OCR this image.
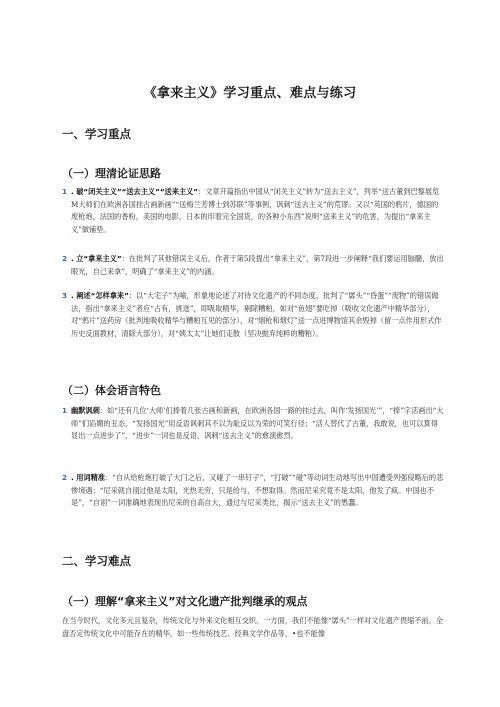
《拿来主义》学习重点、难点与练习
一、学习重点
（一）理清论证思路
1 . 破“闭关主义”“送去主义”“送来主义”：文章开篇指出中国从“闭关主义”转为“送去主义”，列举“送古董到巴黎展览M大师们在欧洲各国挂古画新画”“送梅兰芳博士到苏联”等事例，讽刺“送去主义”的荒谬。又以“英国的鸦片，德国的废枪炮，法国的香粉，美国的电影，日本的印着完全国货，的各种小东西”说明“送来主义”的危害，为提出“拿来主义”做铺垫。
2 . 立“拿来主义”：在批判了其他错误主义后，作者于第5段提出“拿来主义”，第7段进一步阐释“我们要运用脑髓，放出眼光，自己来拿”，明确了“拿来主义”的内涵。
3 . 阐述“怎样拿来”：以“大宅子”为喻，形象地论述了对待文化遗产的不同态度，批判了“孱头”“昏蛋”“废物”的错误做法，指出“拿来主义”者应“占有，挑选”，即吸取精华，剔除糟粕，如对“鱼翅”要吃掉（吸收文化遗产中精华部分），对“鸦片”送药房（批判地吸收精华与糟粕互见的部分），对“烟枪和烟灯”送一点进博物馆其余毁掉（留一点作用形式作历史反面教材，清除大部分），对“姨太太”让她们走散（坚决抛弃纯粹的糟粕）。
（二）体会语言特色
1 幽默讽刺：如“还有几位‘大师’们捧着几张古画和新画，在欧洲各国一路的挂过去，叫作‘发扬国光’”，“捧”字活画出“大师”们谄媚的丑态，“发扬国光”用反语讽刺其不以为耻反以为荣的可笑行径；“活人替代了古董，我敢说，也可以算得显出一点进步了”，“进步”一词也是反语，讽刺“送去主义”的愈演愈烈。
2 . 用词精准：“自从给枪炮打破了大门之后，又碰了一串钉子”，“打破”“碰”等动词生动地写出中国遭受列强侵略后的悲惨境遇；“尼采就自诩过他是太阳，光热无穷，只是给与，不想取得。然而尼采究竟不是太阳，他发了疯。中国也不是”，“自诩”一词准确地表现出尼采的自高自大，通过与尼采类比，揭示“送去主义”的愚蠢。
二、学习难点
（一）理解“拿来主义”对文化遗产批判继承的观点
在当今时代，文化多元且复杂，传统文化与外来文化相互交织。一方面，我们不能像“孱头”一样对文化遗产畏缩不前，全盘否定传统文化中可能存在的精华，如一些传统技艺、经典文学作品等，•也不能像
